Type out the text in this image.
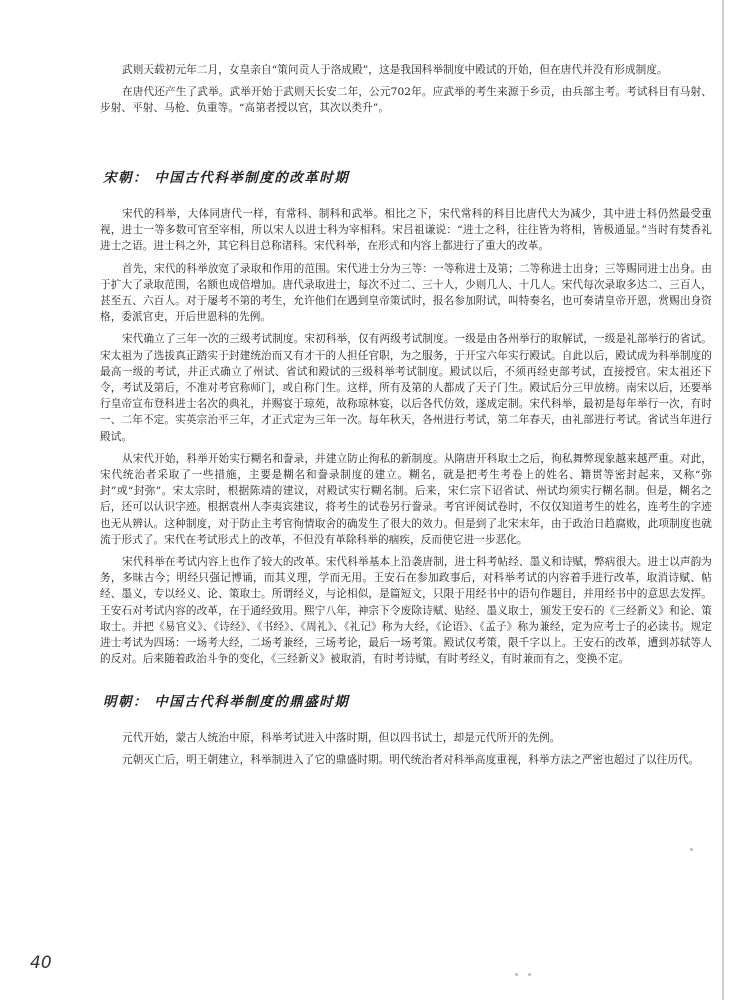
武则天载初元年二月，女皇亲自“策问贡人于洛成殿”，这是我国科举制度中殿试的开始，但在唐代并没有形成制度。

在唐代还产生了武举。武举开始于武则天长安二年，公元702年。应武举的考生来源于乡贡，由兵部主考。考试科目有马射、步射、平射、马枪、负重等。“高第者授以官，其次以类升”。

宋朝： 中国古代科举制度的改革时期

宋代的科举，大体同唐代一样，有常科、制科和武举。相比之下，宋代常科的科目比唐代大为减少，其中进士科仍然最受重视，进士一等多数可官至宰相，所以宋人以进士科为宰相科。宋吕祖谦说：“进士之科，往往皆为将相，皆极通显。”当时有焚香礼进士之语。进士科之外，其它科目总称诸科。宋代科举，在形式和内容上都进行了重大的改革。

首先，宋代的科举放宽了录取和作用的范围。宋代进士分为三等：一等称进士及第；二等称进士出身；三等赐同进士出身。由于扩大了录取范围，名额也成倍增加。唐代录取进士，每次不过二、三十人，少则几人、十几人。宋代每次录取多达二、三百人，甚至五、六百人。对于屡考不第的考生，允许他们在遇到皇帝策试时，报名参加附试，叫特奏名，也可奏请皇帝开恩，赏赐出身资格，委派官吏，开后世恩科的先例。

宋代确立了三年一次的三级考试制度。宋初科举，仅有两级考试制度。一级是由各州举行的取解试，一级是礼部举行的省试。宋太祖为了选拔真正踏实于封建统治而又有才干的人担任官职，为之服务，于开宝六年实行殿试。自此以后，殿试成为科举制度的最高一级的考试，并正式确立了州试、省试和殿试的三级科举考试制度。殿试以后，不须再经吏部考试，直接授官。宋太祖还下令，考试及第后，不准对考官称师门，或自称门生。这样，所有及第的人都成了天子门生。殿试后分三甲放榜。南宋以后，还要举行皇帝宣布登科进士名次的典礼，并赐宴于琼苑，故称琼林宴，以后各代仿效，遂成定制。宋代科举，最初是每年举行一次，有时一、二年不定。实英宗治平三年，才正式定为三年一次。每年秋天，各州进行考试，第二年春天，由礼部进行考试。省试当年进行殿试。

从宋代开始，科举开始实行糊名和誊录，并建立防止徇私的新制度。从隋唐开科取士之后，徇私舞弊现象越来越严重。对此，宋代统治者采取了一些措施，主要是糊名和誊录制度的建立。糊名，就是把考生考卷上的姓名、籍贯等密封起来，又称“弥封”或“封弥”。宋太宗时，根据陈靖的建议，对殿试实行糊名制。后来，宋仁宗下诏省试、州试均须实行糊名制。但是，糊名之后，还可以认识字迹。根据袁州人李夷宾建议，将考生的试卷另行誊录。考官评阅试卷时，不仅仅知道考生的姓名，连考生的字迹也无从辨认。这种制度，对于防止主考官徇情取舍的确发生了很大的效力。但是到了北宋末年，由于政治日趋腐败，此项制度也就流于形式了。宋代在考试形式上的改革，不但没有革除科举的痼疾，反而使它进一步恶化。

宋代科举在考试内容上也作了较大的改革。宋代科举基本上沿袭唐制，进士科考帖经、墨义和诗赋，弊病很大。进士以声韵为务，多昧古今；明经只强记博诵，而其义理，学而无用。王安石在参加政事后，对科举考试的内容着手进行改革，取消诗赋、帖经、墨义，专以经义、论、策取士。所谓经义，与论相似，是篇短文，只限于用经书中的语句作题目，并用经书中的意思去发挥。王安石对考试内容的改革，在于通经致用。熙宁八年，神宗下令废除诗赋、贴经、墨义取士，颁发王安石的《三经新义》和论、策取士。并把《易官义》、《诗经》、《书经》、《周礼》、《礼记》称为大经，《论语》、《孟子》称为兼经，定为应考士子的必读书。规定进士考试为四场：一场考大经，二场考兼经，三场考论，最后一场考策。殿试仅考策，限千字以上。王安石的改革，遭到苏轼等人的反对。后来随着政治斗争的变化，《三经新义》被取消，有时考诗赋，有时考经义，有时兼而有之，变换不定。

明朝： 中国古代科举制度的鼎盛时期

元代开始，蒙古人统治中原，科举考试进入中落时期，但以四书试士，却是元代所开的先例。

元朝灭亡后，明王朝建立，科举制进入了它的鼎盛时期。明代统治者对科举高度重视，科举方法之严密也超过了以往历代。

40
